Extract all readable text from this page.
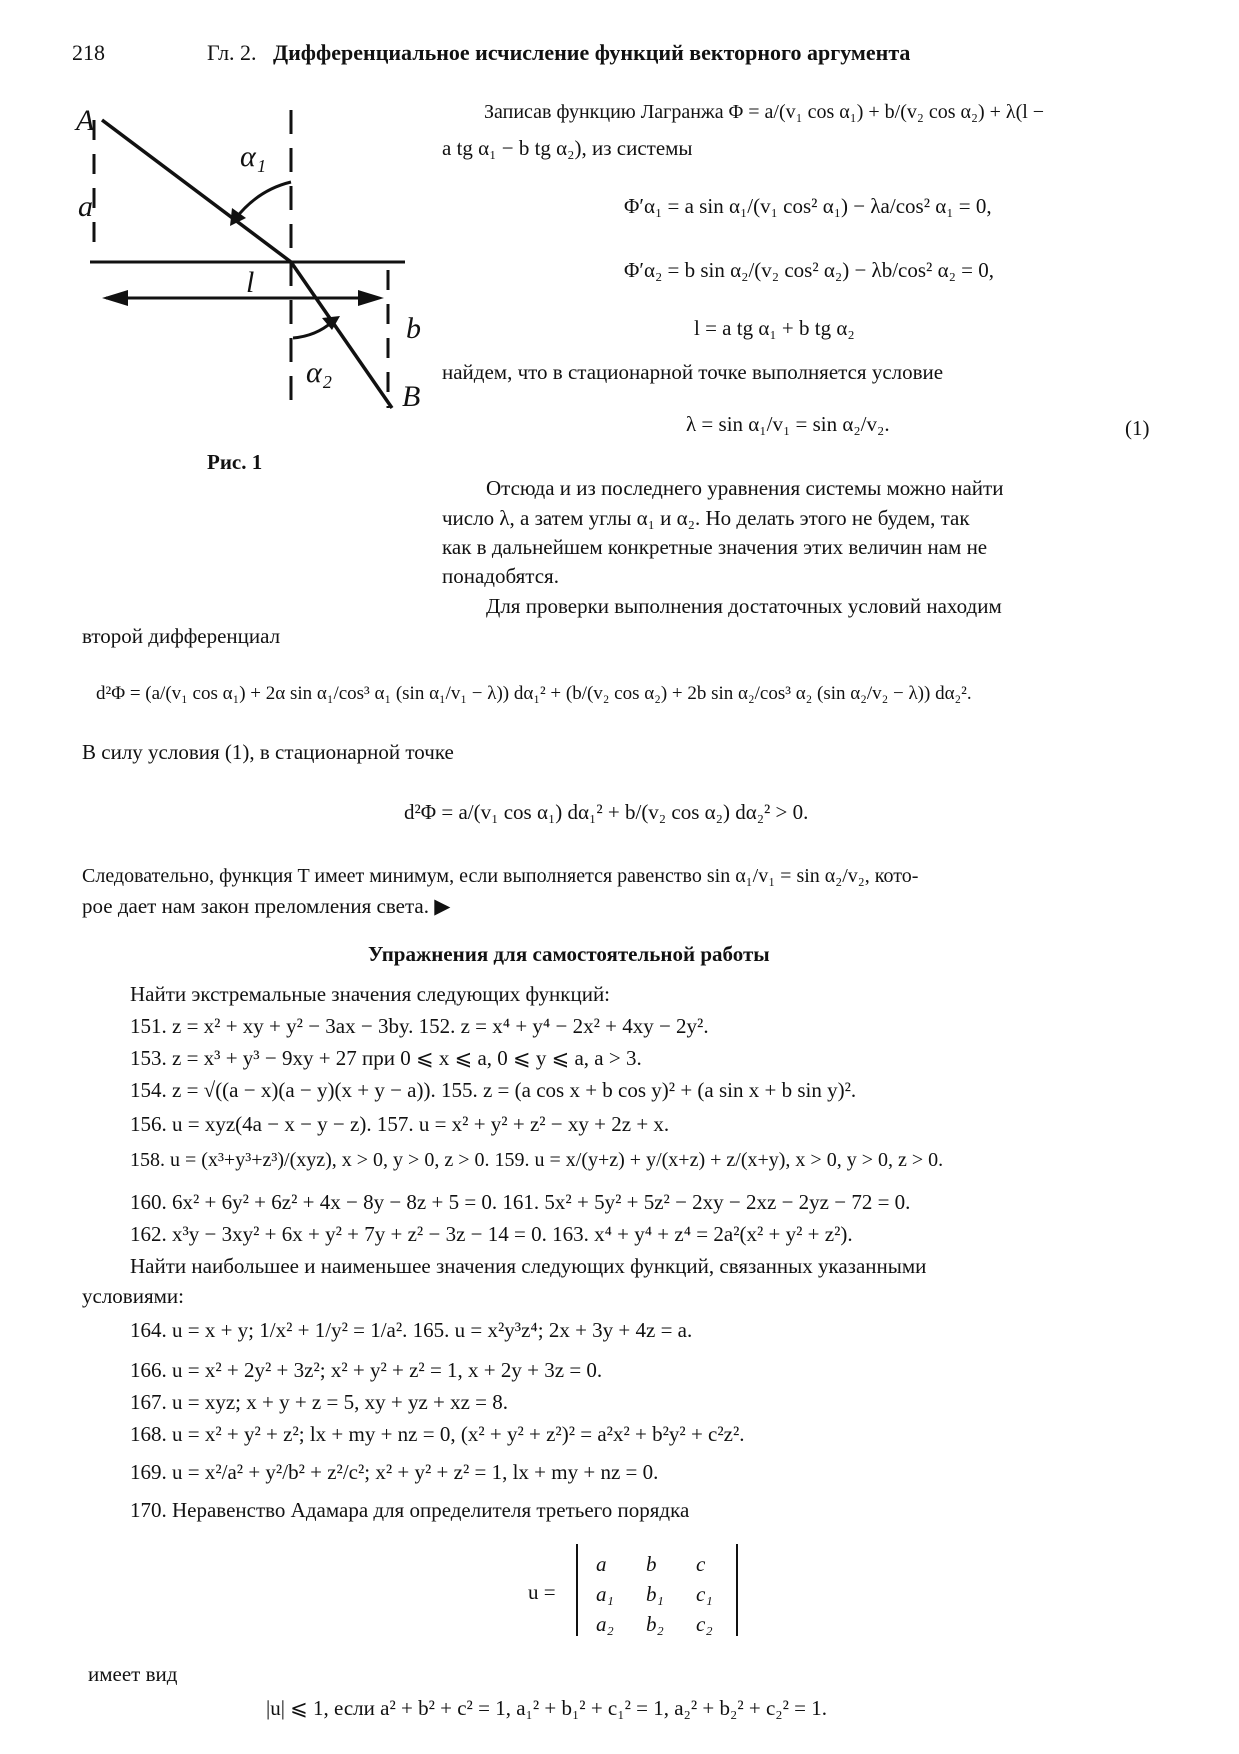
218	Гл. 2. Дифференциальное исчисление функций векторного аргумента
A
a
α₁
l
b
α₂
B
Рис. 1
Записав функцию Лагранжа Φ = a/(v₁ cos α₁) + b/(v₂ cos α₂) + λ(l −
a tg α₁ − b tg α₂), из системы
Φ′α₁ = a sin α₁/(v₁ cos² α₁) − λa/cos² α₁ = 0,
Φ′α₂ = b sin α₂/(v₂ cos² α₂) − λb/cos² α₂ = 0,
l = a tg α₁ + b tg α₂
найдем, что в стационарной точке выполняется условие
λ = sin α₁/v₁ = sin α₂/v₂.	(1)
Отсюда и из последнего уравнения системы можно найти
число λ, а затем углы α₁ и α₂. Но делать этого не будем, так
как в дальнейшем конкретные значения этих величин нам не
понадобятся.
Для проверки выполнения достаточных условий находим
второй дифференциал
d²Φ = (a/(v₁ cos α₁) + 2α sin α₁/cos³ α₁ (sin α₁/v₁ − λ)) dα₁² + (b/(v₂ cos α₂) + 2b sin α₂/cos³ α₂ (sin α₂/v₂ − λ)) dα₂².
В силу условия (1), в стационарной точке
d²Φ = a/(v₁ cos α₁) dα₁² + b/(v₂ cos α₂) dα₂² > 0.
Следовательно, функция T имеет минимум, если выполняется равенство sin α₁/v₁ = sin α₂/v₂, кото-
рое дает нам закон преломления света. ▶
Упражнения для самостоятельной работы
Найти экстремальные значения следующих функций:
151. z = x² + xy + y² − 3ax − 3by. 152. z = x⁴ + y⁴ − 2x² + 4xy − 2y².
153. z = x³ + y³ − 9xy + 27 при 0 ⩽ x ⩽ a, 0 ⩽ y ⩽ a, a > 3.
154. z = √((a − x)(a − y)(x + y − a)). 155. z = (a cos x + b cos y)² + (a sin x + b sin y)².
156. u = xyz(4a − x − y − z). 157. u = x² + y² + z² − xy + 2z + x.
158. u = (x³+y³+z³)/(xyz), x > 0, y > 0, z > 0. 159. u = x/(y+z) + y/(x+z) + z/(x+y), x > 0, y > 0, z > 0.
160. 6x² + 6y² + 6z² + 4x − 8y − 8z + 5 = 0. 161. 5x² + 5y² + 5z² − 2xy − 2xz − 2yz − 72 = 0.
162. x³y − 3xy² + 6x + y² + 7y + z² − 3z − 14 = 0. 163. x⁴ + y⁴ + z⁴ = 2a²(x² + y² + z²).
Найти наибольшее и наименьшее значения следующих функций, связанных указанными
условиями:
164. u = x + y; 1/x² + 1/y² = 1/a². 165. u = x²y³z⁴; 2x + 3y + 4z = a.
166. u = x² + 2y² + 3z²; x² + y² + z² = 1, x + 2y + 3z = 0.
167. u = xyz; x + y + z = 5, xy + yz + xz = 8.
168. u = x² + y² + z²; lx + my + nz = 0, (x² + y² + z²)² = a²x² + b²y² + c²z².
169. u = x²/a² + y²/b² + z²/c²; x² + y² + z² = 1, lx + my + nz = 0.
170. Неравенство Адамара для определителя третьего порядка
u =
a b c
a₁ b₁ c₁
a₂ b₂ c₂
имеет вид
|u| ⩽ 1, если a² + b² + c² = 1, a₁² + b₁² + c₁² = 1, a₂² + b₂² + c₂² = 1.
